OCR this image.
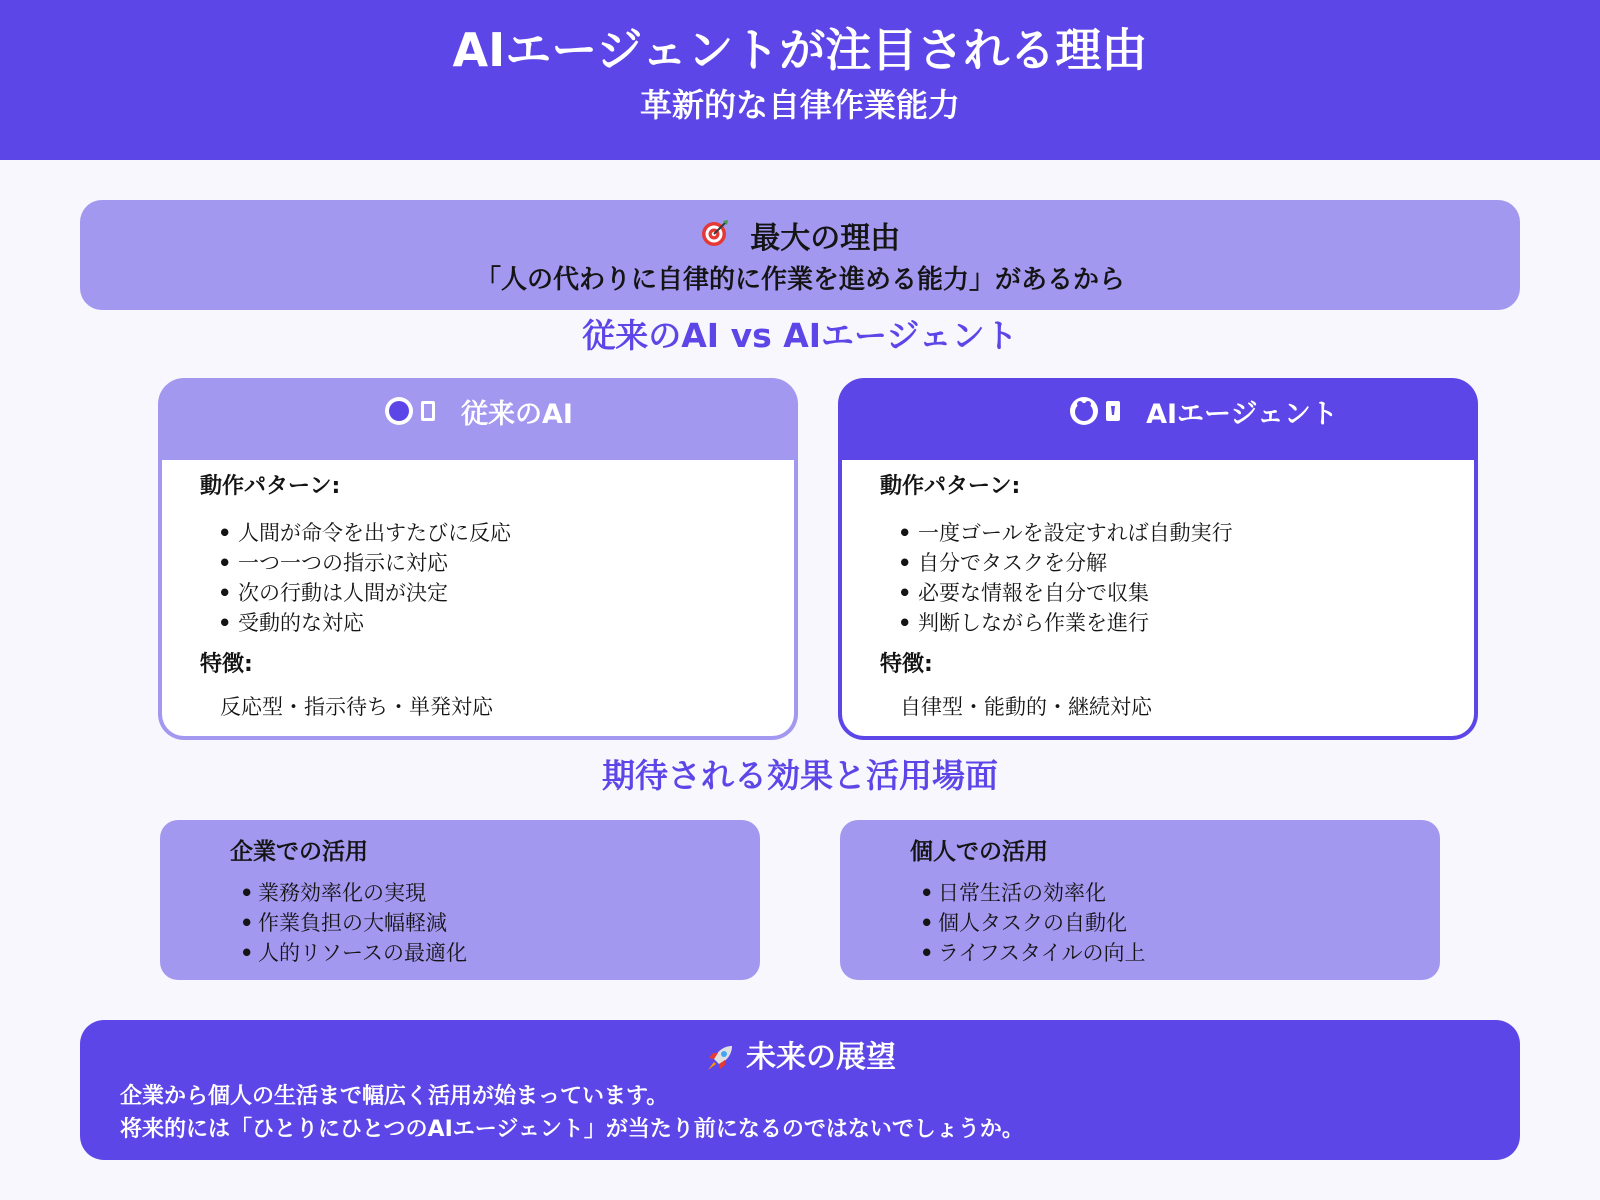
AIエージェントが注目される理由
革新的な自律作業能力
最大の理由
「人の代わりに自律的に作業を進める能力」があるから
従来のAI vs AIエージェント
従来のAI
動作パターン:
• 人間が命令を出すたびに反応
• 一つ一つの指示に対応
• 次の行動は人間が決定
• 受動的な対応
特徴:
反応型・指示待ち・単発対応
AIエージェント
動作パターン:
• 一度ゴールを設定すれば自動実行
• 自分でタスクを分解
• 必要な情報を自分で収集
• 判断しながら作業を進行
特徴:
自律型・能動的・継続対応
期待される効果と活用場面
企業での活用
• 業務効率化の実現
• 作業負担の大幅軽減
• 人的リソースの最適化
個人での活用
• 日常生活の効率化
• 個人タスクの自動化
• ライフスタイルの向上
未来の展望
企業から個人の生活まで幅広く活用が始まっています。
将来的には「ひとりにひとつのAIエージェント」が当たり前になるのではないでしょうか。
